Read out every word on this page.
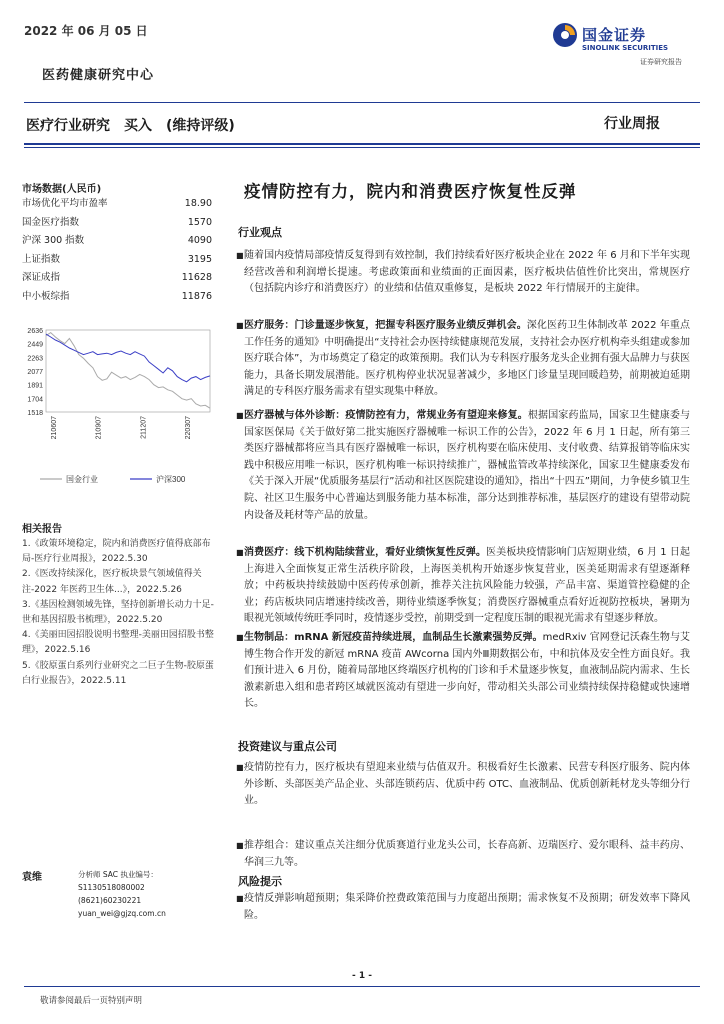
2022 年 06 月 05 日	国金证券
SINOLINK SECURITIES
证券研究报告
医药健康研究中心
医疗行业研究　买入　(维持评级)	行业周报
市场数据(人民币)
市场优化平均市盈率	18.90
国金医疗指数	1570
沪深 300 指数	4090
上证指数	3195
深证成指	11628
中小板综指	11876
2636
2449
2263
2077
1891
1704
1518
210607	210907	211207	220307
国金行业	沪深300
相关报告
1.《政策环境稳定，院内和消费医疗值得底部布局-医疗行业周报》，2022.5.30
2.《医改持续深化，医疗板块景气领域值得关注-2022 年医药卫生体...》，2022.5.26
3.《基因检测领域先锋，坚持创新增长动力十足-世和基因招股书梳理》，2022.5.20
4.《美丽田园招股说明书整理-美丽田园招股书整理》，2022.5.16
5.《胶原蛋白系列行业研究之二巨子生物-胶原蛋白行业报告》，2022.5.11
袁维	分析师 SAC 执业编号：S1130518080002
(8621)60230221
yuan_wei@gjzq.com.cn
疫情防控有力，院内和消费医疗恢复性反弹
行业观点
■ 随着国内疫情局部疫情反复得到有效控制，我们持续看好医疗板块企业在 2022 年 6 月和下半年实现经营改善和利润增长提速。考虑政策面和业绩面的正面因素，医疗板块估值性价比突出，常规医疗（包括院内诊疗和消费医疗）的业绩和估值双重修复，是板块 2022 年行情展开的主旋律。
■ 医疗服务：门诊量逐步恢复，把握专科医疗服务业绩反弹机会。深化医药卫生体制改革 2022 年重点工作任务的通知》中明确提出“支持社会办医持续健康规范发展，支持社会办医疗机构牵头组建或参加医疗联合体”，为市场奠定了稳定的政策预期。我们认为专科医疗服务龙头企业拥有强大品牌力与获医能力，具备长期发展潜能。医疗机构停业状况显著减少，多地区门诊量呈现回暖趋势，前期被迫延期满足的专科医疗服务需求有望实现集中释放。
■ 医疗器械与体外诊断：疫情防控有力，常规业务有望迎来修复。根据国家药监局，国家卫生健康委与国家医保局《关于做好第二批实施医疗器械唯一标识工作的公告》，2022 年 6 月 1 日起，所有第三类医疗器械都将应当具有医疗器械唯一标识，医疗机构要在临床使用、支付收费、结算报销等临床实践中积极应用唯一标识，医疗机构唯一标识持续推广，器械监管改革持续深化，国家卫生健康委发布《关于深入开展“优质服务基层行”活动和社区医院建设的通知》，指出“十四五”期间，力争使乡镇卫生院、社区卫生服务中心普遍达到服务能力基本标准，部分达到推荐标准，基层医疗的建设有望带动院内设备及耗材等产品的放量。
■ 消费医疗：线下机构陆续营业，看好业绩恢复性反弹。医美板块疫情影响门店短期业绩，6 月 1 日起上海进入全面恢复正常生活秩序阶段，上海医美机构开始逐步恢复营业，医美延期需求有望逐渐释放；中药板块持续鼓励中医药传承创新，推荐关注抗风险能力较强，产品丰富、渠道管控稳健的企业；药店板块同店增速持续改善，期待业绩逐季恢复；消费医疗器械重点看好近视防控板块，暑期为眼视光领域传统旺季同时，疫情逐步受控，前期受到一定程度压制的眼视光需求有望逐步释放。
■ 生物制品：mRNA 新冠疫苗持续进展，血制品生长激素强势反弹。medRxiv 官网登记沃森生物与艾博生物合作开发的新冠 mRNA 疫苗 AWcorna 国内外Ⅲ期数据公布，中和抗体及安全性方面良好。我们预计进入 6 月份，随着局部地区终端医疗机构的门诊和手术量逐步恢复，血液制品院内需求、生长激素新患入组和患者跨区域就医流动有望进一步向好，带动相关头部公司业绩持续保持稳健或快速增长。
投资建议与重点公司
■ 疫情防控有力，医疗板块有望迎来业绩与估值双升。积极看好生长激素、民营专科医疗服务、院内体外诊断、头部医美产品企业、头部连锁药店、优质中药 OTC、血液制品、优质创新耗材龙头等细分行业。
■ 推荐组合：建议重点关注细分优质赛道行业龙头公司，长春高新、迈瑞医疗、爱尔眼科、益丰药房、华润三九等。
风险提示
■ 疫情反弹影响超预期；集采降价控费政策范围与力度超出预期；需求恢复不及预期；研发效率下降风险。
- 1 -
敬请参阅最后一页特别声明
